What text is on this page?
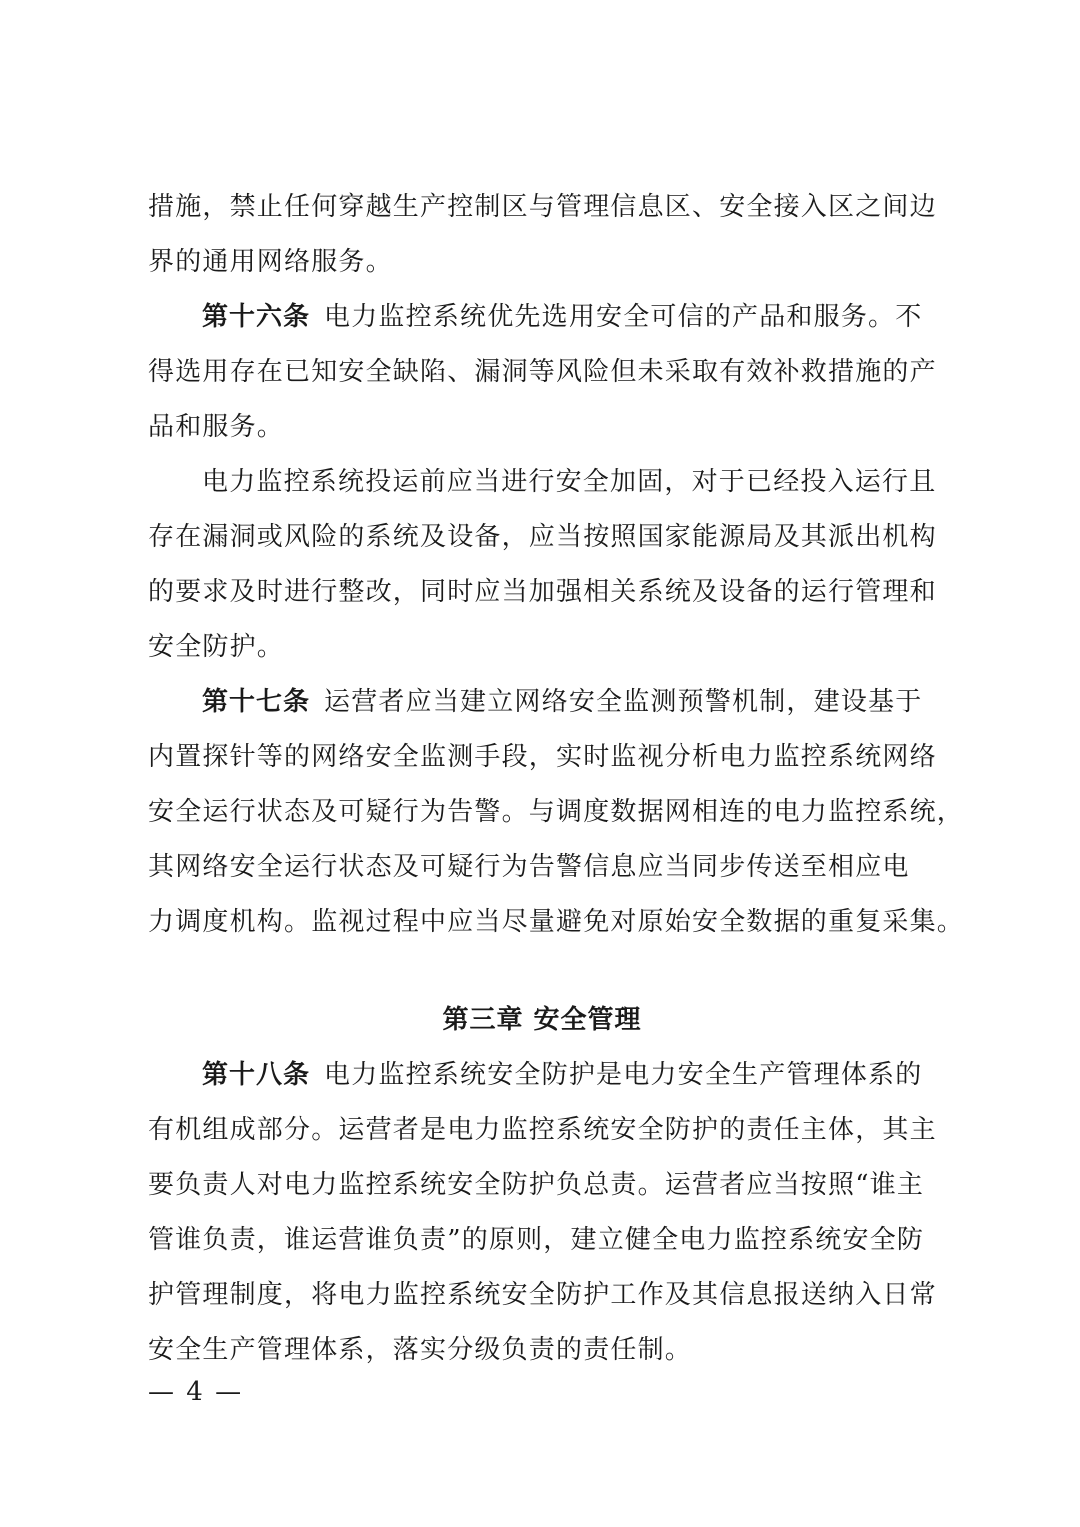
措施，禁止任何穿越生产控制区与管理信息区、安全接入区之间边
界的通用网络服务。
第十六条 电力监控系统优先选用安全可信的产品和服务。不
得选用存在已知安全缺陷、漏洞等风险但未采取有效补救措施的产
品和服务。
电力监控系统投运前应当进行安全加固，对于已经投入运行且
存在漏洞或风险的系统及设备，应当按照国家能源局及其派出机构
的要求及时进行整改，同时应当加强相关系统及设备的运行管理和
安全防护。
第十七条 运营者应当建立网络安全监测预警机制，建设基于
内置探针等的网络安全监测手段，实时监视分析电力监控系统网络
安全运行状态及可疑行为告警。与调度数据网相连的电力监控系统，
其网络安全运行状态及可疑行为告警信息应当同步传送至相应电
力调度机构。监视过程中应当尽量避免对原始安全数据的重复采集。
第三章 安全管理
第十八条 电力监控系统安全防护是电力安全生产管理体系的
有机组成部分。运营者是电力监控系统安全防护的责任主体，其主
要负责人对电力监控系统安全防护负总责。运营者应当按照“谁主
管谁负责，谁运营谁负责”的原则，建立健全电力监控系统安全防
护管理制度，将电力监控系统安全防护工作及其信息报送纳入日常
安全生产管理体系，落实分级负责的责任制。
— 4 —
